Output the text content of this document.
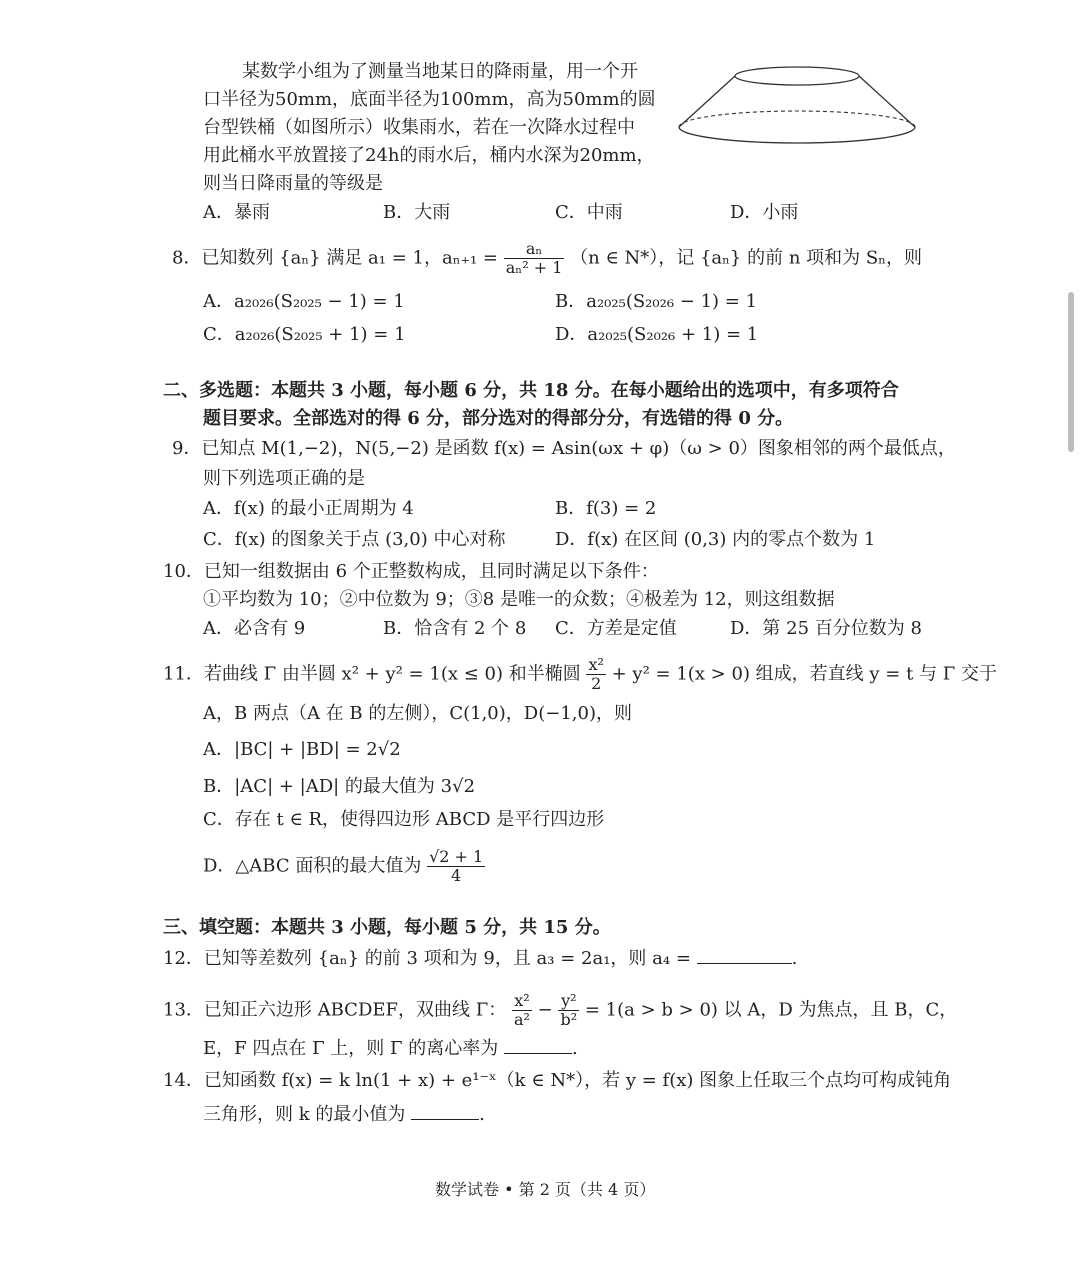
某数学小组为了测量当地某日的降雨量，用一个开
口半径为50mm，底面半径为100mm，高为50mm的圆
台型铁桶（如图所示）收集雨水，若在一次降水过程中
用此桶水平放置接了24h的雨水后，桶内水深为20mm，
则当日降雨量的等级是
A．暴雨	B．大雨	C．中雨	D．小雨
8．已知数列 {aₙ} 满足 a₁ = 1，$a_{n+1} = \frac{\text{aₙ}}{\text{aₙ² + 1}} (n$ ∈ N*），记 {aₙ} 的前 n 项和为 Sₙ，则
A．a₂₀₂₆(S₂₀₂₅ − 1) = 1	B．a₂₀₂₅(S₂₀₂₆ − 1) = 1
C．a₂₀₂₆(S₂₀₂₅ + 1) = 1	D．a₂₀₂₅(S₂₀₂₆ + 1) = 1
二、多选题：本题共 3 小题，每小题 6 分，共 18 分。在每小题给出的选项中，有多项符合
题目要求。全部选对的得 6 分，部分选对的得部分分，有选错的得 0 分。
9．已知点 M(1,−2)，N(5,−2) 是函数 f(x) = Asin(ωx + φ)（ω > 0）图象相邻的两个最低点，
则下列选项正确的是
A．f(x) 的最小正周期为 4	B．f(3) = 2
C．f(x) 的图象关于点 (3,0) 中心对称	D．f(x) 在区间 (0,3) 内的零点个数为 1
10．已知一组数据由 6 个正整数构成，且同时满足以下条件：
①平均数为 10；②中位数为 9；③8 是唯一的众数；④极差为 12，则这组数据
A．必含有 9	B．恰含有 2 个 8 C．方差是定值	D．第 25 百分位数为 8
11．若曲线 Γ 由半圆 x² + y² = 1(x ≤ 0) 和半椭圆 $\frac{\text{x²}}{2} + y^2 = 1(x > 0)$ 组成，若直线 y = t 与 Γ 交于
A，B 两点（A 在 B 的左侧），C(1,0)，D(−1,0)，则
A．|BC| + |BD| = 2√2
B．|AC| + |AD| 的最大值为 3√2
C．存在 t ∈ R，使得四边形 ABCD 是平行四边形
D．△ABC 面积的最大值为 $\frac{√2 + 1}{4}$
三、填空题：本题共 3 小题，每小题 5 分，共 15 分。
12．已知等差数列 {aₙ} 的前 3 项和为 9，且 a₃ = 2a₁，则 a₄ =	.
13．已知正六边形 ABCDEF，双曲线 Γ： $\frac{\text{x²}}{\text{a²}} - \frac{\text{y²}}{\text{b²}} = 1(a > b > 0)$ 以 A，D 为焦点，且 B，C，
E，F 四点在 Γ 上，则 Γ 的离心率为	.
14．已知函数 f(x) = k ln(1 + x) + e¹⁻ˣ（k ∈ N*），若 y = f(x) 图象上任取三个点均可构成钝角
三角形，则 k 的最小值为	.
数学试卷 • 第 2 页（共 4 页）
